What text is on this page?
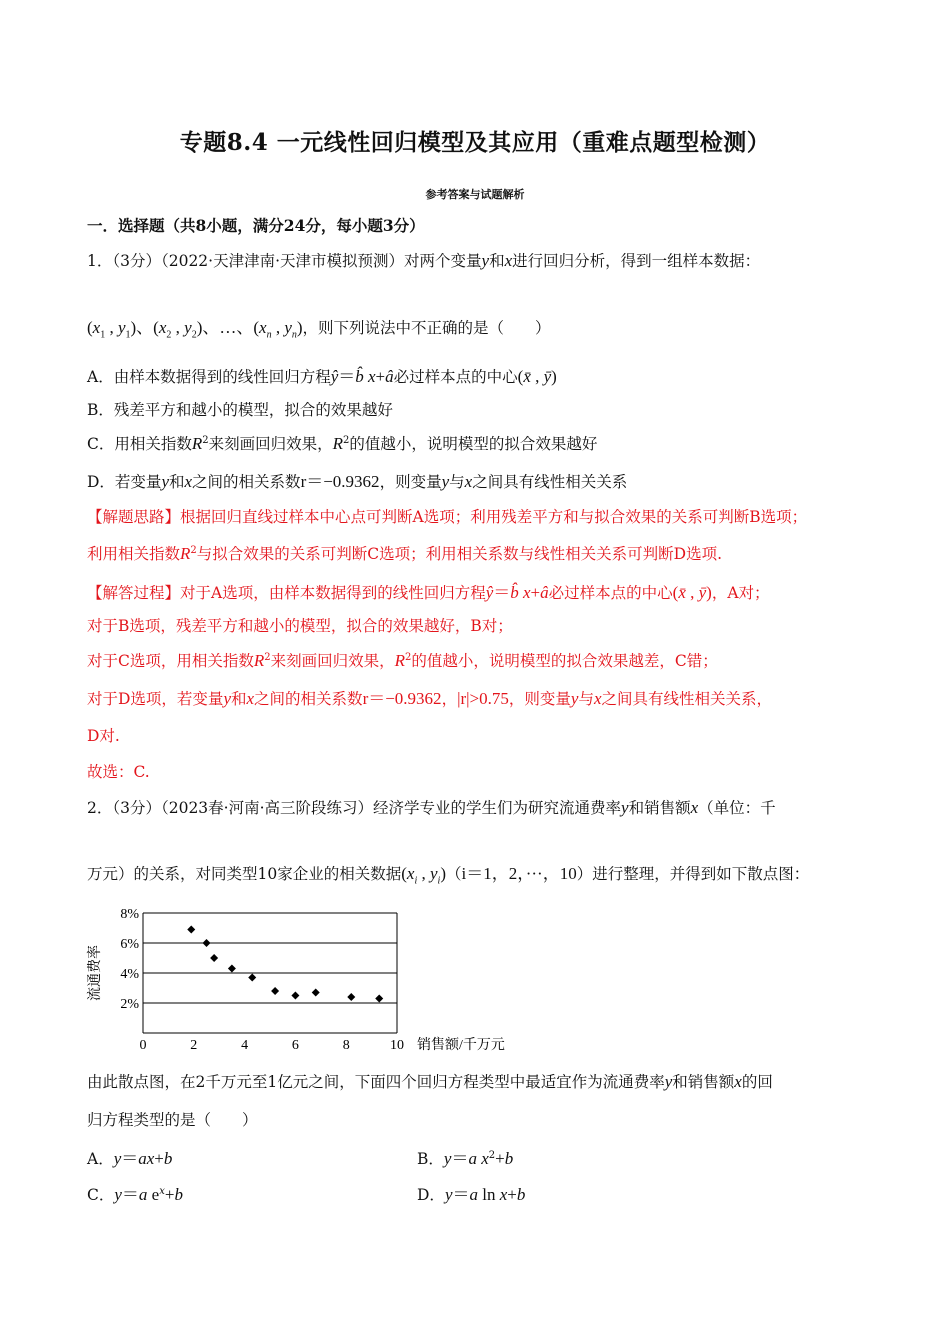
专题8.4 一元线性回归模型及其应用（重难点题型检测）
参考答案与试题解析
一．选择题（共8小题，满分24分，每小题3分）
1．（3分）（2022·天津津南·天津市模拟预测）对两个变量y和x进行回归分析，得到一组样本数据：
($x_1$ , $y_1$)、($x_2$ , $y_2$)、…、($x_n$ , $y_n$)，则下列说法中不正确的是（　　）
A．由样本数据得到的线性回归方程ŷ＝b̂ x+â必过样本点的中心(x̄ , ȳ)
B．残差平方和越小的模型，拟合的效果越好
C．用相关指数$R^2$来刻画回归效果，$R^2$的值越小，说明模型的拟合效果越好
D．若变量y和x之间的相关系数r＝−0.9362，则变量y与x之间具有线性相关关系
【解题思路】根据回归直线过样本中心点可判断A选项；利用残差平方和与拟合效果的关系可判断B选项；
利用相关指数$R^2$与拟合效果的关系可判断C选项；利用相关系数与线性相关关系可判断D选项.
【解答过程】对于A选项，由样本数据得到的线性回归方程ŷ＝b̂ x+â必过样本点的中心(x̄ , ȳ)，A对；
对于B选项，残差平方和越小的模型，拟合的效果越好，B对；
对于C选项，用相关指数$R^2$来刻画回归效果，$R^2$的值越小，说明模型的拟合效果越差，C错；
对于D选项，若变量y和x之间的相关系数r＝−0.9362，|r|>0.75，则变量y与x之间具有线性相关关系，
D对.
故选：C.
2．（3分）（2023春·河南·高三阶段练习）经济学专业的学生们为研究流通费率y和销售额x（单位：千
万元）的关系，对同类型10家企业的相关数据($x_i$ , $y_i)(i=1$，2，···，10）进行整理，并得到如下散点图：
2%
4%
6%
8%
0	2	4	6	8	10 销售额/千万元
流通费率
由此散点图，在2千万元至1亿元之间，下面四个回归方程类型中最适宜作为流通费率y和销售额x的回
归方程类型的是（　　）
A．y＝ax+b	B．y＝a $x^2+b$
C．y＝a $e^x+b$	D．y＝a ln x+b
